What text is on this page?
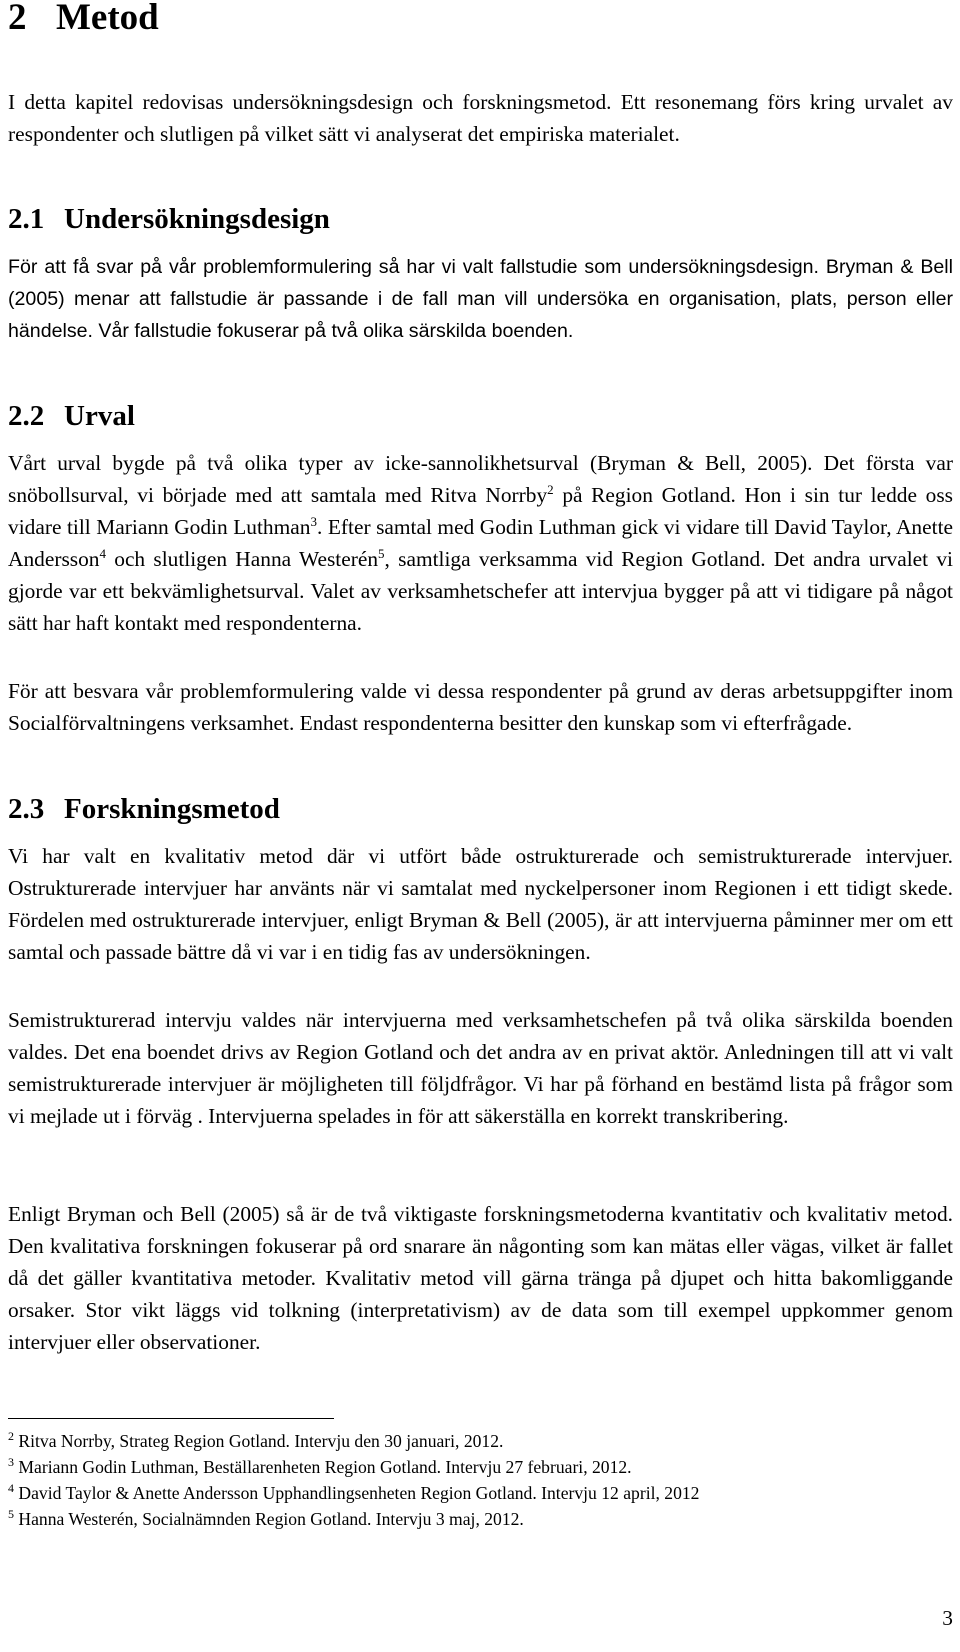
2 Metod

I detta kapitel redovisas undersökningsdesign och forskningsmetod. Ett resonemang förs kring urvalet av respondenter och slutligen på vilket sätt vi analyserat det empiriska materialet.

2.1 Undersökningsdesign

För att få svar på vår problemformulering så har vi valt fallstudie som undersökningsdesign. Bryman & Bell (2005) menar att fallstudie är passande i de fall man vill undersöka en organisation, plats, person eller händelse. Vår fallstudie fokuserar på två olika särskilda boenden.

2.2 Urval

Vårt urval bygde på två olika typer av icke-sannolikhetsurval (Bryman & Bell, 2005). Det första var snöbollsurval, vi började med att samtala med Ritva Norrby$^2$ på Region Gotland. Hon i sin tur ledde oss vidare till Mariann Godin Luthman$^3$. Efter samtal med Godin Luthman gick vi vidare till David Taylor, Anette Andersson$^4$ och slutligen Hanna Westerén$^5$, samtliga verksamma vid Region Gotland. Det andra urvalet vi gjorde var ett bekvämlighetsurval. Valet av verksamhetschefer att intervjua bygger på att vi tidigare på något sätt har haft kontakt med respondenterna.

För att besvara vår problemformulering valde vi dessa respondenter på grund av deras arbetsuppgifter inom Socialförvaltningens verksamhet. Endast respondenterna besitter den kunskap som vi efterfrågade.

2.3 Forskningsmetod

Vi har valt en kvalitativ metod där vi utfört både ostrukturerade och semistrukturerade intervjuer. Ostrukturerade intervjuer har använts när vi samtalat med nyckelpersoner inom Regionen i ett tidigt skede. Fördelen med ostrukturerade intervjuer, enligt Bryman & Bell (2005), är att intervjuerna påminner mer om ett samtal och passade bättre då vi var i en tidig fas av undersökningen.

Semistrukturerad intervju valdes när intervjuerna med verksamhetschefen på två olika särskilda boenden valdes. Det ena boendet drivs av Region Gotland och det andra av en privat aktör. Anledningen till att vi valt semistrukturerade intervjuer är möjligheten till följdfrågor. Vi har på förhand en bestämd lista på frågor som vi mejlade ut i förväg . Intervjuerna spelades in för att säkerställa en korrekt transkribering.

Enligt Bryman och Bell (2005) så är de två viktigaste forskningsmetoderna kvantitativ och kvalitativ metod. Den kvalitativa forskningen fokuserar på ord snarare än någonting som kan mätas eller vägas, vilket är fallet då det gäller kvantitativa metoder. Kvalitativ metod vill gärna tränga på djupet och hitta bakomliggande orsaker. Stor vikt läggs vid tolkning (interpretativism) av de data som till exempel uppkommer genom intervjuer eller observationer.

$^2$ Ritva Norrby, Strateg Region Gotland. Intervju den 30 januari, 2012.
$^3$ Mariann Godin Luthman, Beställarenheten Region Gotland. Intervju 27 februari, 2012.
$^4$ David Taylor & Anette Andersson Upphandlingsenheten Region Gotland. Intervju 12 april, 2012
$^5$ Hanna Westerén, Socialnämnden Region Gotland. Intervju 3 maj, 2012.
3
